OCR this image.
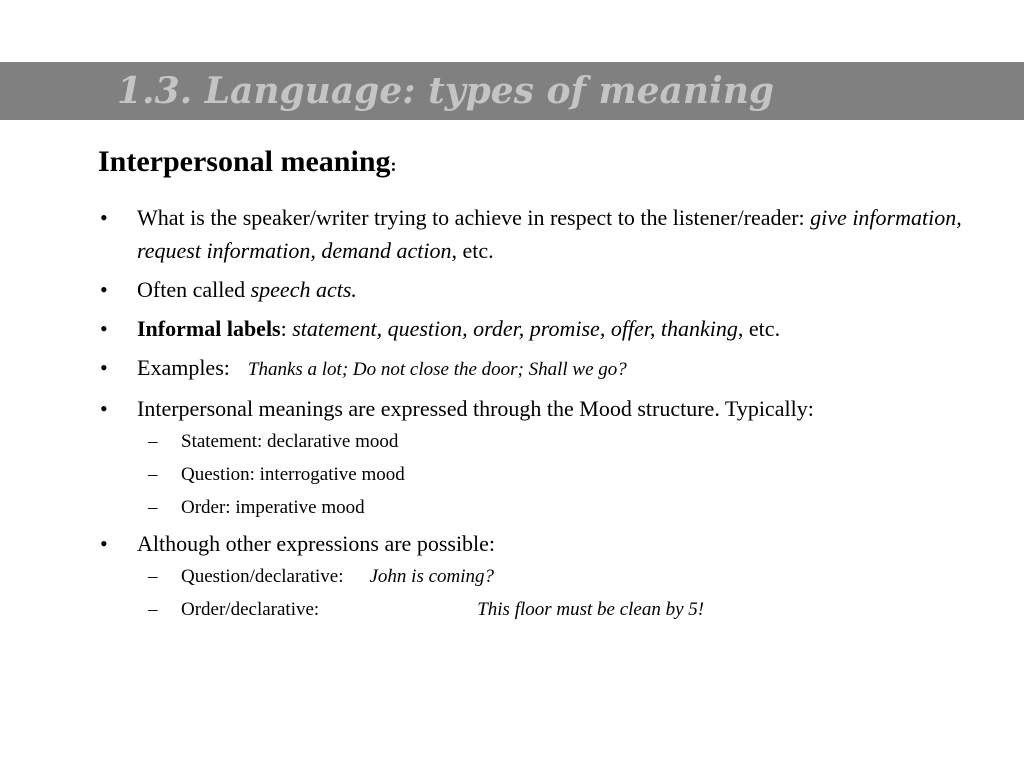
1.3. Language: types of meaning
Interpersonal meaning:
• What is the speaker/writer trying to achieve in respect to the listener/reader: give information, request information, demand action, etc.
• Often called speech acts.
• Informal labels: statement, question, order, promise, offer, thanking, etc.
• Examples: Thanks a lot; Do not close the door; Shall we go?
• Interpersonal meanings are expressed through the Mood structure. Typically:
– Statement: declarative mood
– Question: interrogative mood
– Order: imperative mood
• Although other expressions are possible:
– Question/declarative: John is coming?
– Order/declarative:	This floor must be clean by 5!
